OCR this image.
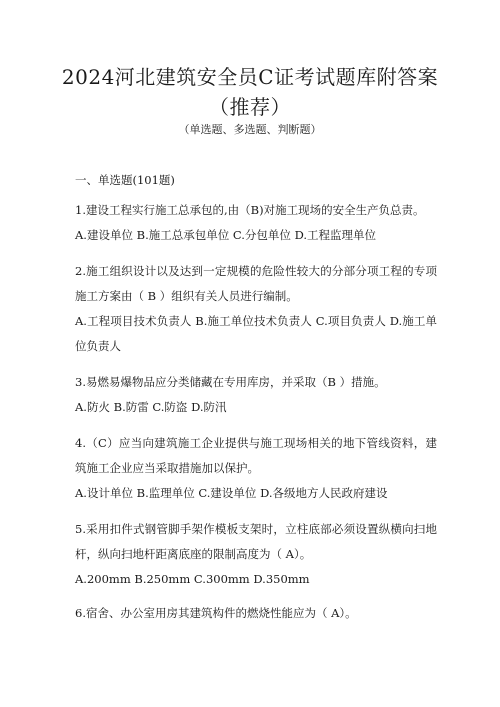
2024河北建筑安全员C证考试题库附答案
（推荐）
（单选题、多选题、判断题）
一、单选题(101题)

1.建设工程实行施工总承包的,由（B)对施工现场的安全生产负总责。

A.建设单位 B.施工总承包单位 C.分包单位 D.工程监理单位

2.施工组织设计以及达到一定规模的危险性较大的分部分项工程的专项施工方案由（ B ）组织有关人员进行编制。

A.工程项目技术负责人 B.施工单位技术负责人 C.项目负责人 D.施工单位负责人

3.易燃易爆物品应分类储藏在专用库房，并采取（B ）措施。

A.防火 B.防雷 C.防盗 D.防汛

4.（C）应当向建筑施工企业提供与施工现场相关的地下管线资料，建筑施工企业应当采取措施加以保护。

A.设计单位 B.监理单位 C.建设单位 D.各级地方人民政府建设

5.采用扣件式钢管脚手架作模板支架时，立柱底部必须设置纵横向扫地杆，纵向扫地杆距离底座的限制高度为（ A）。

A.200mm B.250mm C.300mm D.350mm

6.宿舍、办公室用房其建筑构件的燃烧性能应为（ A）。
